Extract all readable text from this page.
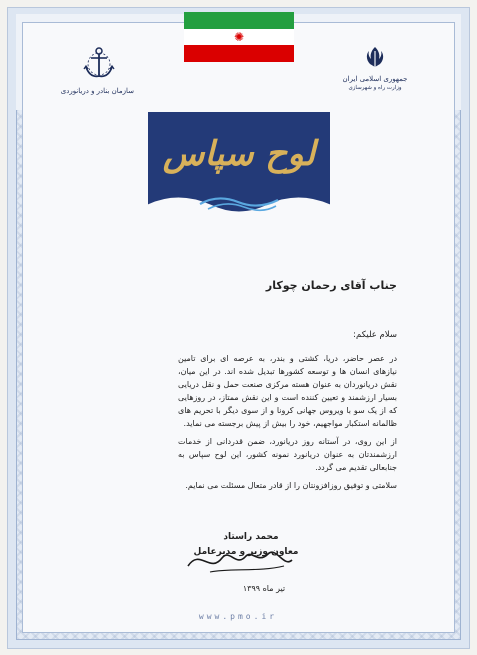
✺
سازمان بنادر و دریانوردی
جمهوری اسلامی ایران
وزارت راه و شهرسازی
لوح سپاس
جناب آقای رحمان چوکار
سلام علیکم:

در عصر حاضر، دریا، کشتی و بندر، به عرصه ای برای تامین نیازهای انسان ها و توسعه کشورها تبدیل شده اند. در این میان، نقش دریانوردان به عنوان هسته مرکزی صنعت حمل و نقل دریایی بسیار ارزشمند و تعیین کننده است و این نقش ممتاز، در روزهایی که از یک سو با ویروس جهانی کرونا و از سوی دیگر با تحریم های ظالمانه استکبار مواجهیم، خود را بیش از پیش برجسته می نماید.

از این روی، در آستانه روز دریانورد، ضمن قدردانی از خدمات ارزشمندتان به عنوان دریانورد نمونه کشور، این لوح سپاس به جنابعالی تقدیم می گردد.

سلامتی و توفیق روزافزونتان را از قادر متعال مسئلت می نمایم.

محمد راستاد
معاون وزیر و مدیرعامل
تیر ماه ۱۳۹۹
www.pmo.ir
